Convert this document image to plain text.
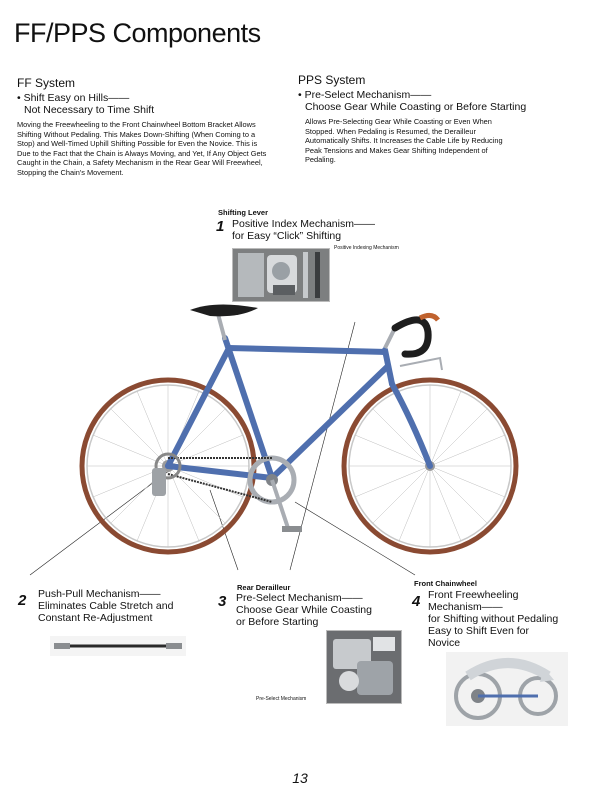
FF/PPS Components

FF System

• Shift Easy on Hills——
Not Necessary to Time Shift

Moving the Freewheeling to the Front Chainwheel Bottom Bracket Allows Shifting Without Pedaling. This Makes Down-Shifting (When Coming to a Stop) and Well-Timed Uphill Shifting Possible for Even the Novice. This is Due to the Fact that the Chain is Always Moving, and Yet, If Any Object Gets Caught in the Chain, a Safety Mechanism in the Rear Gear Will Freewheel, Stopping the Chain's Movement.

PPS System

• Pre-Select Mechanism——
Choose Gear While Coasting or Before Starting

Allows Pre-Selecting Gear While Coasting or Even When Stopped. When Pedaling is Resumed, the Derailleur Automatically Shifts. It Increases the Cable Life by Reducing Peak Tensions and Makes Gear Shifting Independent of Pedaling.

Shifting Lever
1 Positive Index Mechanism——
for Easy “Click” Shifting
Positive Indexing Mechanism
2 Push-Pull Mechanism——
Eliminates Cable Stretch and
Constant Re-Adjustment
Rear Derailleur
3 Pre-Select Mechanism——
Choose Gear While Coasting
or Before Starting
Pre-Select Mechanism
Front Chainwheel
4 Front Freewheeling
Mechanism——
for Shifting without Pedaling
Easy to Shift Even for
Novice
13
